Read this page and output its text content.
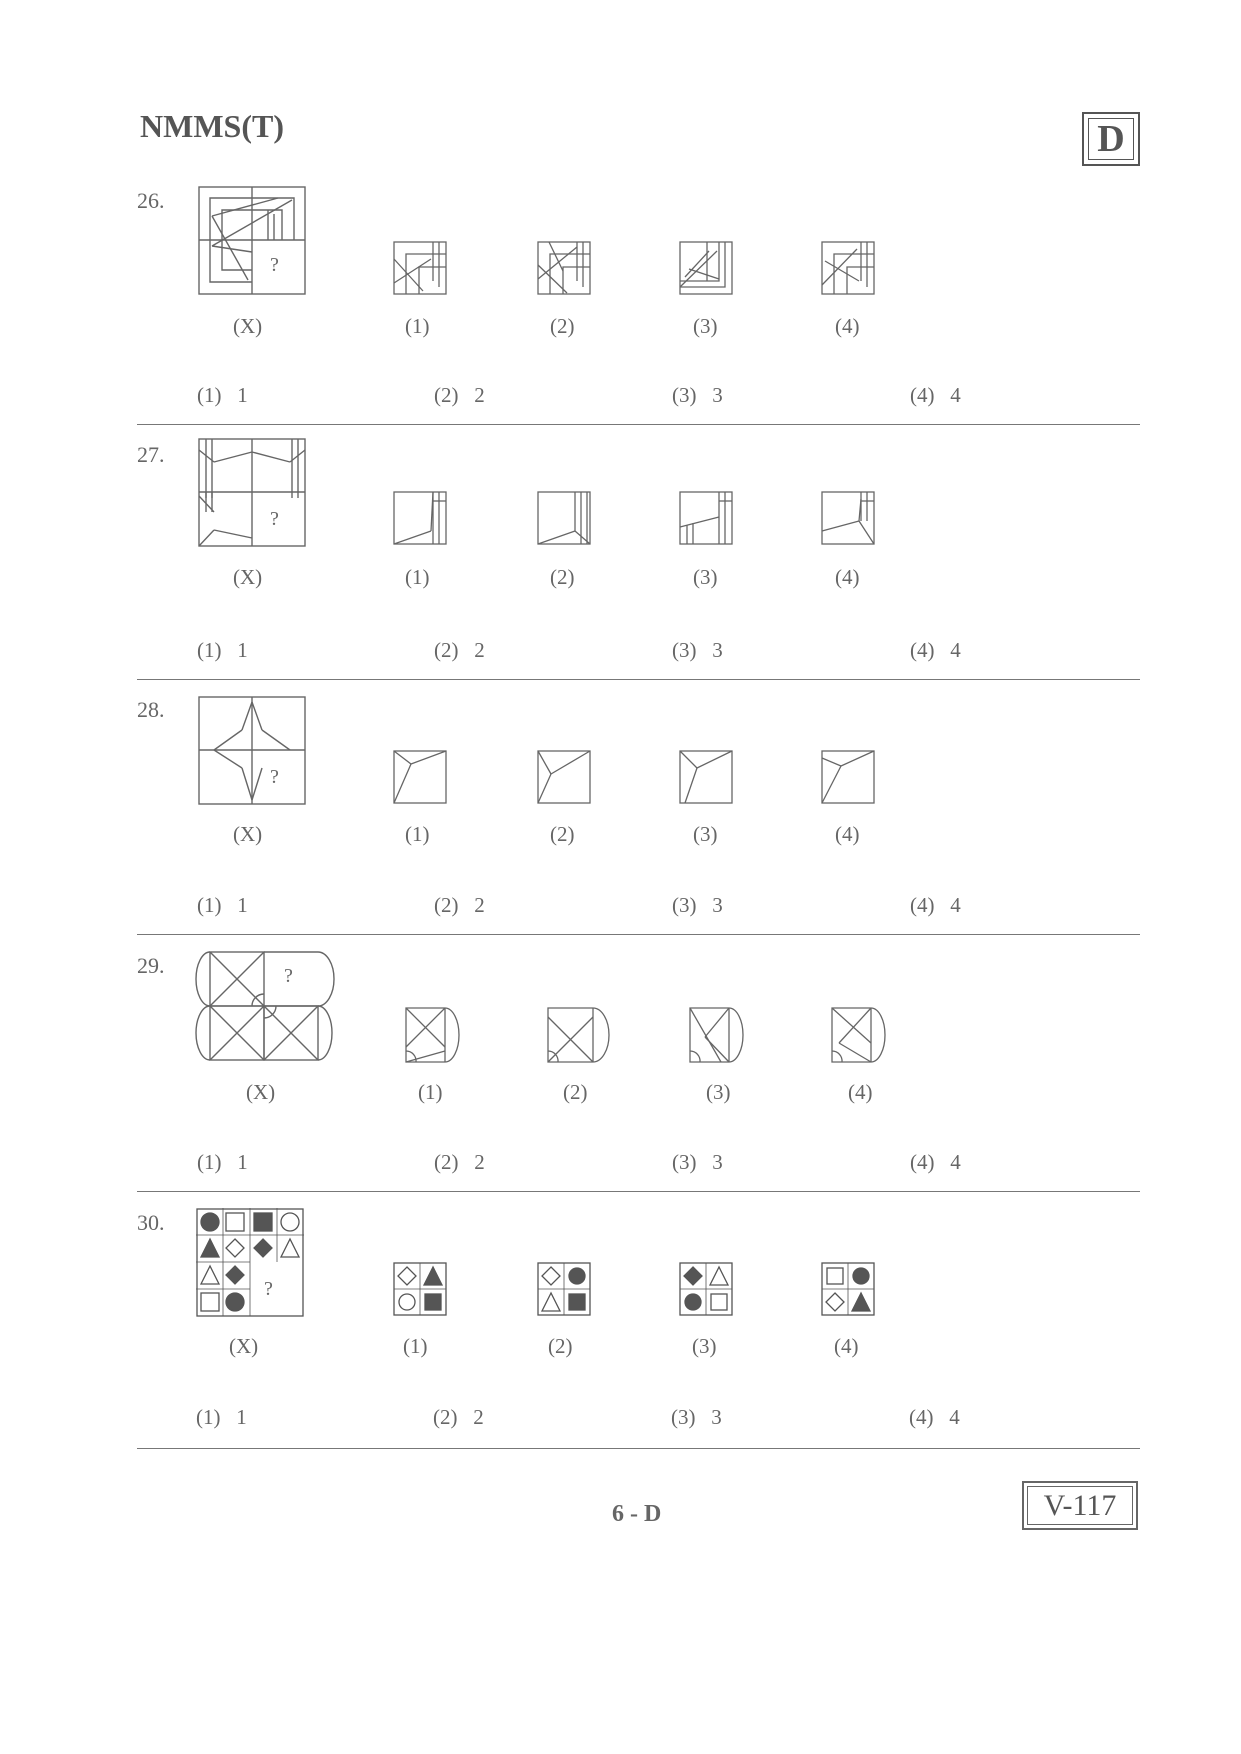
NMMS(T)	D
26.
?
(X)	(1)	(2)	(3)	(4)
(1)   1	(2)   2	(3)   3	(4)   4
27.
?
(X)	(1)	(2)	(3)	(4)
(1)   1	(2)   2	(3)   3	(4)   4
28.
?
(X)	(1)	(2)	(3)	(4)
(1)   1	(2)   2	(3)   3	(4)   4
29.	?
(X)	(1)	(2)	(3)	(4)
(1)   1	(2)   2	(3)   3	(4)   4
30.
?
(X)	(1)	(2)	(3)	(4)
(1)   1	(2)   2	(3)   3	(4)   4
6 - D	V-117
